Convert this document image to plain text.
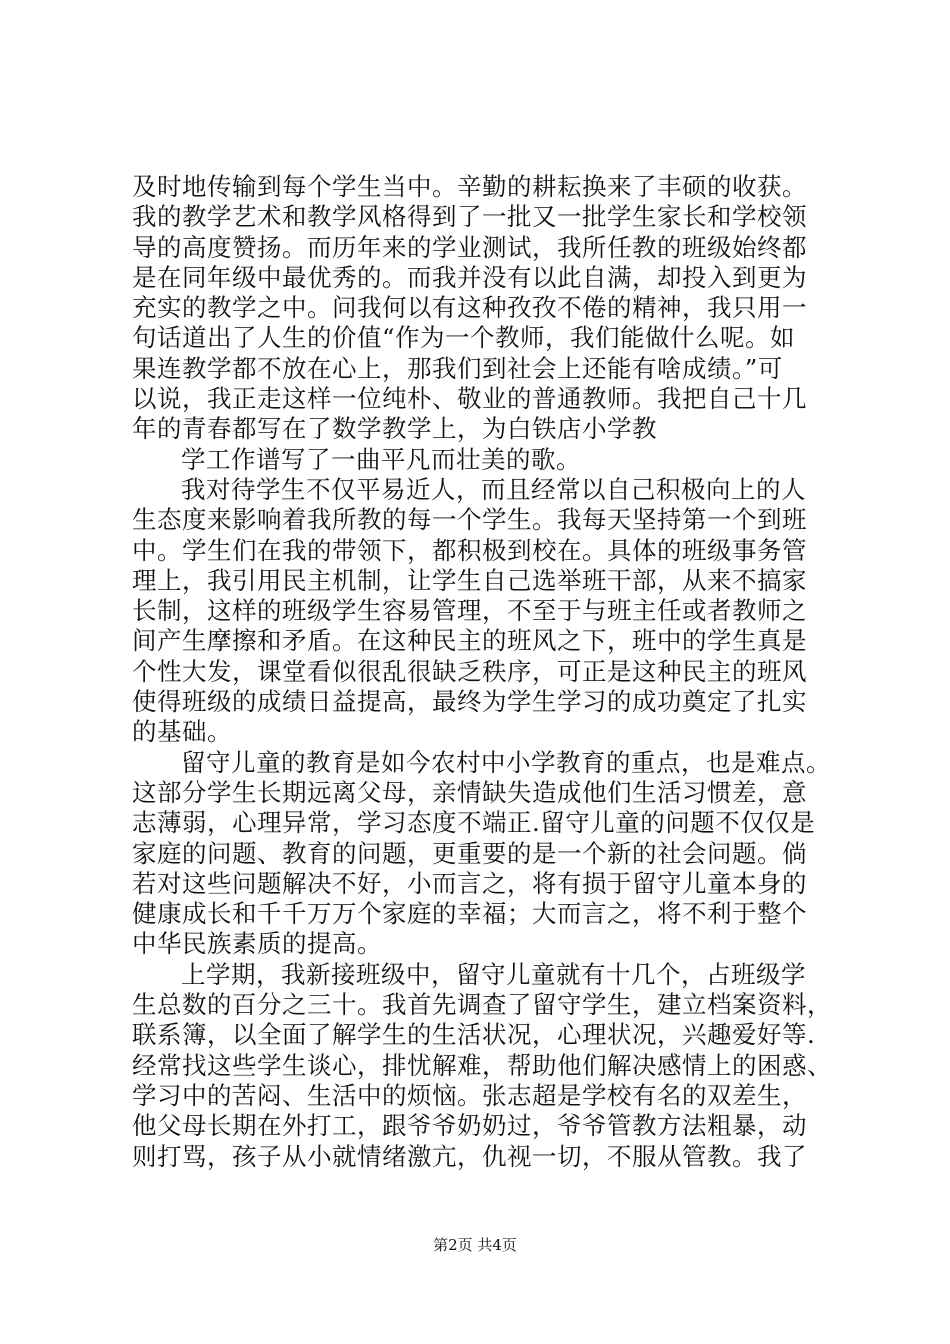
及时地传输到每个学生当中。辛勤的耕耘换来了丰硕的收获。
我的教学艺术和教学风格得到了一批又一批学生家长和学校领
导的高度赞扬。而历年来的学业测试，我所任教的班级始终都
是在同年级中最优秀的。而我并没有以此自满，却投入到更为
充实的教学之中。问我何以有这种孜孜不倦的精神，我只用一
句话道出了人生的价值“作为一个教师，我们能做什么呢。如
果连教学都不放在心上，那我们到社会上还能有啥成绩。”可
以说，我正走这样一位纯朴、敬业的普通教师。我把自己十几
年的青春都写在了数学教学上，为白铁店小学教
学工作谱写了一曲平凡而壮美的歌。
我对待学生不仅平易近人，而且经常以自己积极向上的人
生态度来影响着我所教的每一个学生。我每天坚持第一个到班
中。学生们在我的带领下，都积极到校在。具体的班级事务管
理上，我引用民主机制，让学生自己选举班干部，从来不搞家
长制，这样的班级学生容易管理，不至于与班主任或者教师之
间产生摩擦和矛盾。在这种民主的班风之下，班中的学生真是
个性大发，课堂看似很乱很缺乏秩序，可正是这种民主的班风
使得班级的成绩日益提高，最终为学生学习的成功奠定了扎实
的基础。
留守儿童的教育是如今农村中小学教育的重点，也是难点。
这部分学生长期远离父母，亲情缺失造成他们生活习惯差，意
志薄弱，心理异常，学习态度不端正.留守儿童的问题不仅仅是
家庭的问题、教育的问题，更重要的是一个新的社会问题。倘
若对这些问题解决不好，小而言之，将有损于留守儿童本身的
健康成长和千千万万个家庭的幸福；大而言之，将不利于整个
中华民族素质的提高。
上学期，我新接班级中，留守儿童就有十几个，占班级学
生总数的百分之三十。我首先调查了留守学生，建立档案资料，
联系簿，以全面了解学生的生活状况，心理状况，兴趣爱好等.
经常找这些学生谈心，排忧解难，帮助他们解决感情上的困惑、
学习中的苦闷、生活中的烦恼。张志超是学校有名的双差生，
他父母长期在外打工，跟爷爷奶奶过，爷爷管教方法粗暴，动
则打骂，孩子从小就情绪激亢，仇视一切，不服从管教。我了
第2页 共4页
